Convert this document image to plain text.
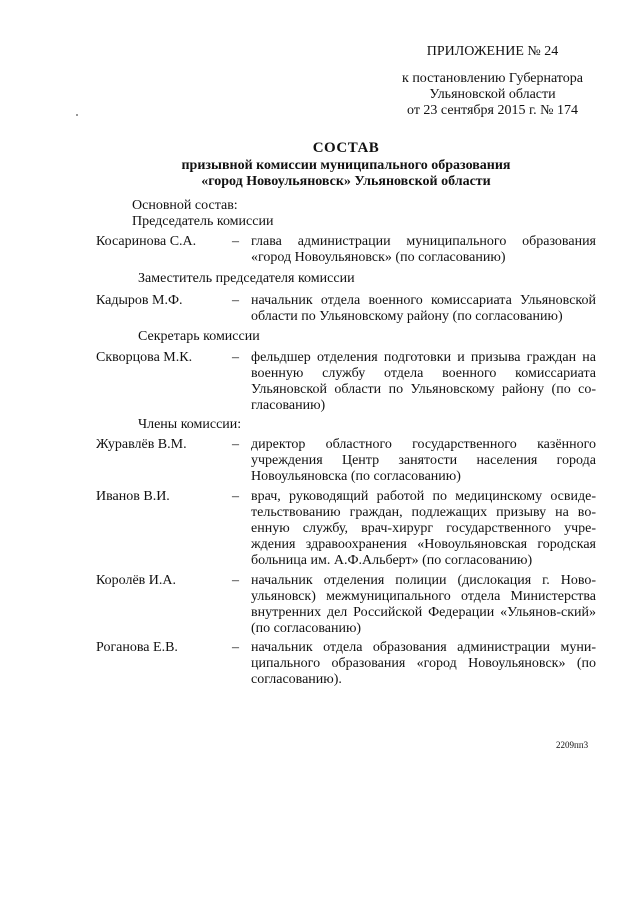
ПРИЛОЖЕНИЕ № 24
к постановлению Губернатора
Ульяновской области
от 23 сентября 2015 г. № 174
СОСТАВ
призывной комиссии муниципального образования
«город Новоульяновск» Ульяновской области
Основной состав:
Председатель комиссии
Косаринова С.А.	– глава администрации муниципального образования «город Новоульяновск» (по согласованию)
Заместитель председателя комиссии
Кадыров М.Ф.	– начальник отдела военного комиссариата Ульяновской области по Ульяновскому району (по согласованию)
Секретарь комиссии
Скворцова М.К.	– фельдшер отделения подготовки и призыва граждан на военную службу отдела военного комиссариата Ульяновской области по Ульяновскому району (по со-гласованию)
Члены комиссии:
Журавлёв В.М.	– директор областного государственного казённого учреждения Центр занятости населения города Новоульяновска (по согласованию)
Иванов В.И.	– врач, руководящий работой по медицинскому освиде-тельствованию граждан, подлежащих призыву на во-енную службу, врач-хирург государственного учре-ждения здравоохранения «Новоульяновская городская больница им. А.Ф.Альберт» (по согласованию)
Королёв И.А.	– начальник отделения полиции (дислокация г. Ново-ульяновск) межмуниципального отдела Министерства внутренних дел Российской Федерации «Ульянов-ский» (по согласованию)
Роганова Е.В.	– начальник отдела образования администрации муни-ципального образования «город Новоульяновск» (по согласованию).
2209пп3
